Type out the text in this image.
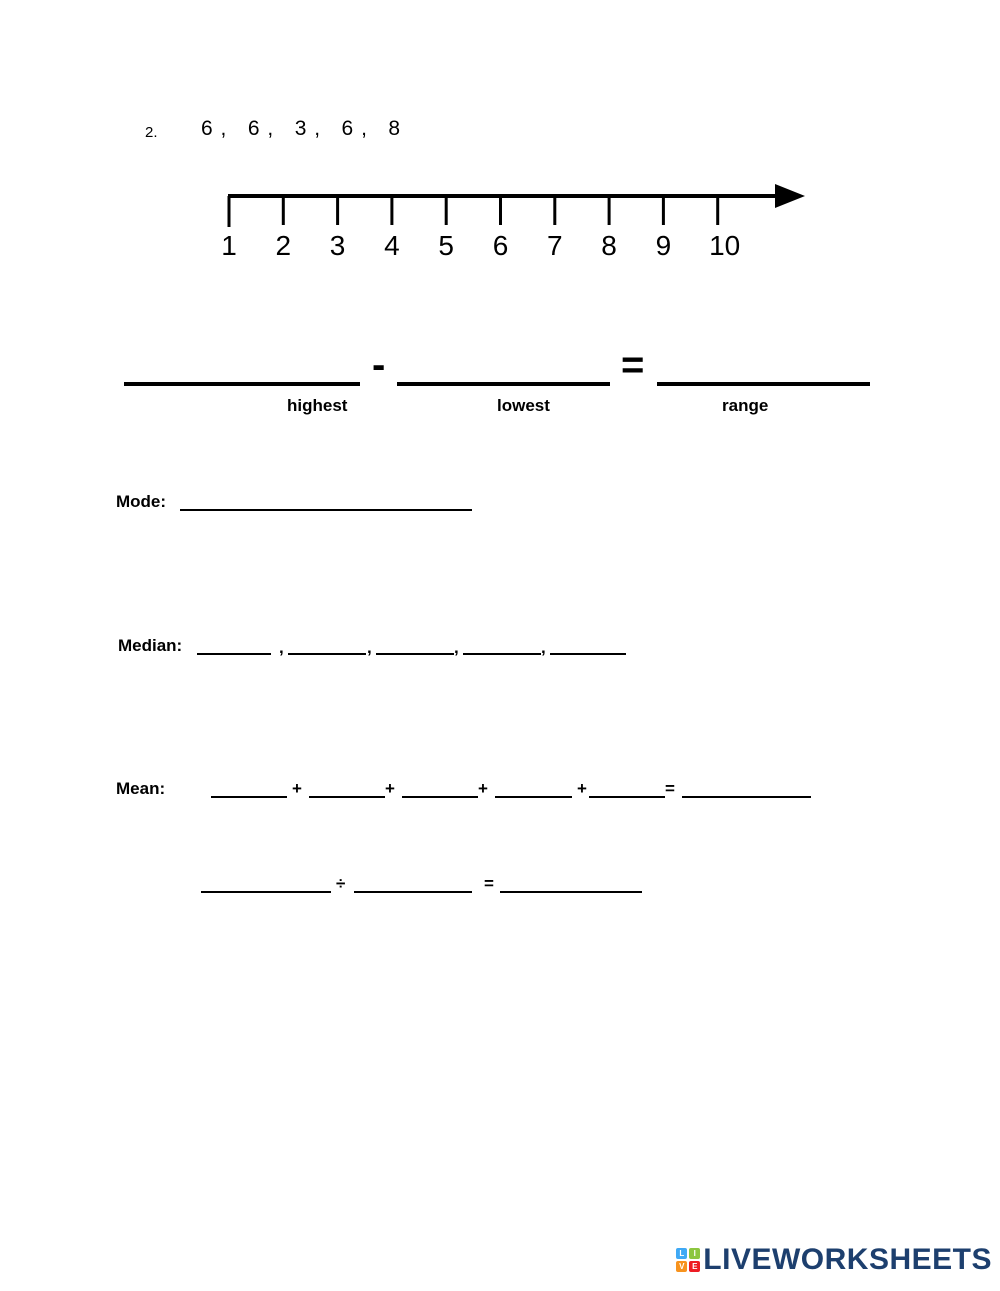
2. 6 ,   6 ,   3 ,   6 ,   8
1 2 3 4 5 6 7 8 9 10
-	=
highest	lowest	range
Mode:
Median:	,	,	,	,
Mean:	+	+	+	+	=
÷	=
L	I
V E LIVEWORKSHEETS
